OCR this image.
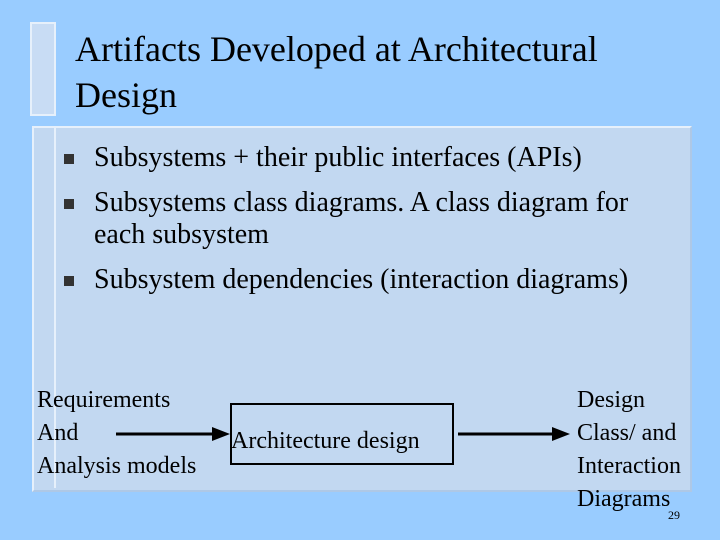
Artifacts Developed at Architectural Design
Subsystems + their public interfaces (APIs)
Subsystems class diagrams. A class diagram for each subsystem
Subsystem dependencies (interaction diagrams)
Requirements
And
Analysis models
Architecture design
Design
Class/ and
Interaction
Diagrams
29
